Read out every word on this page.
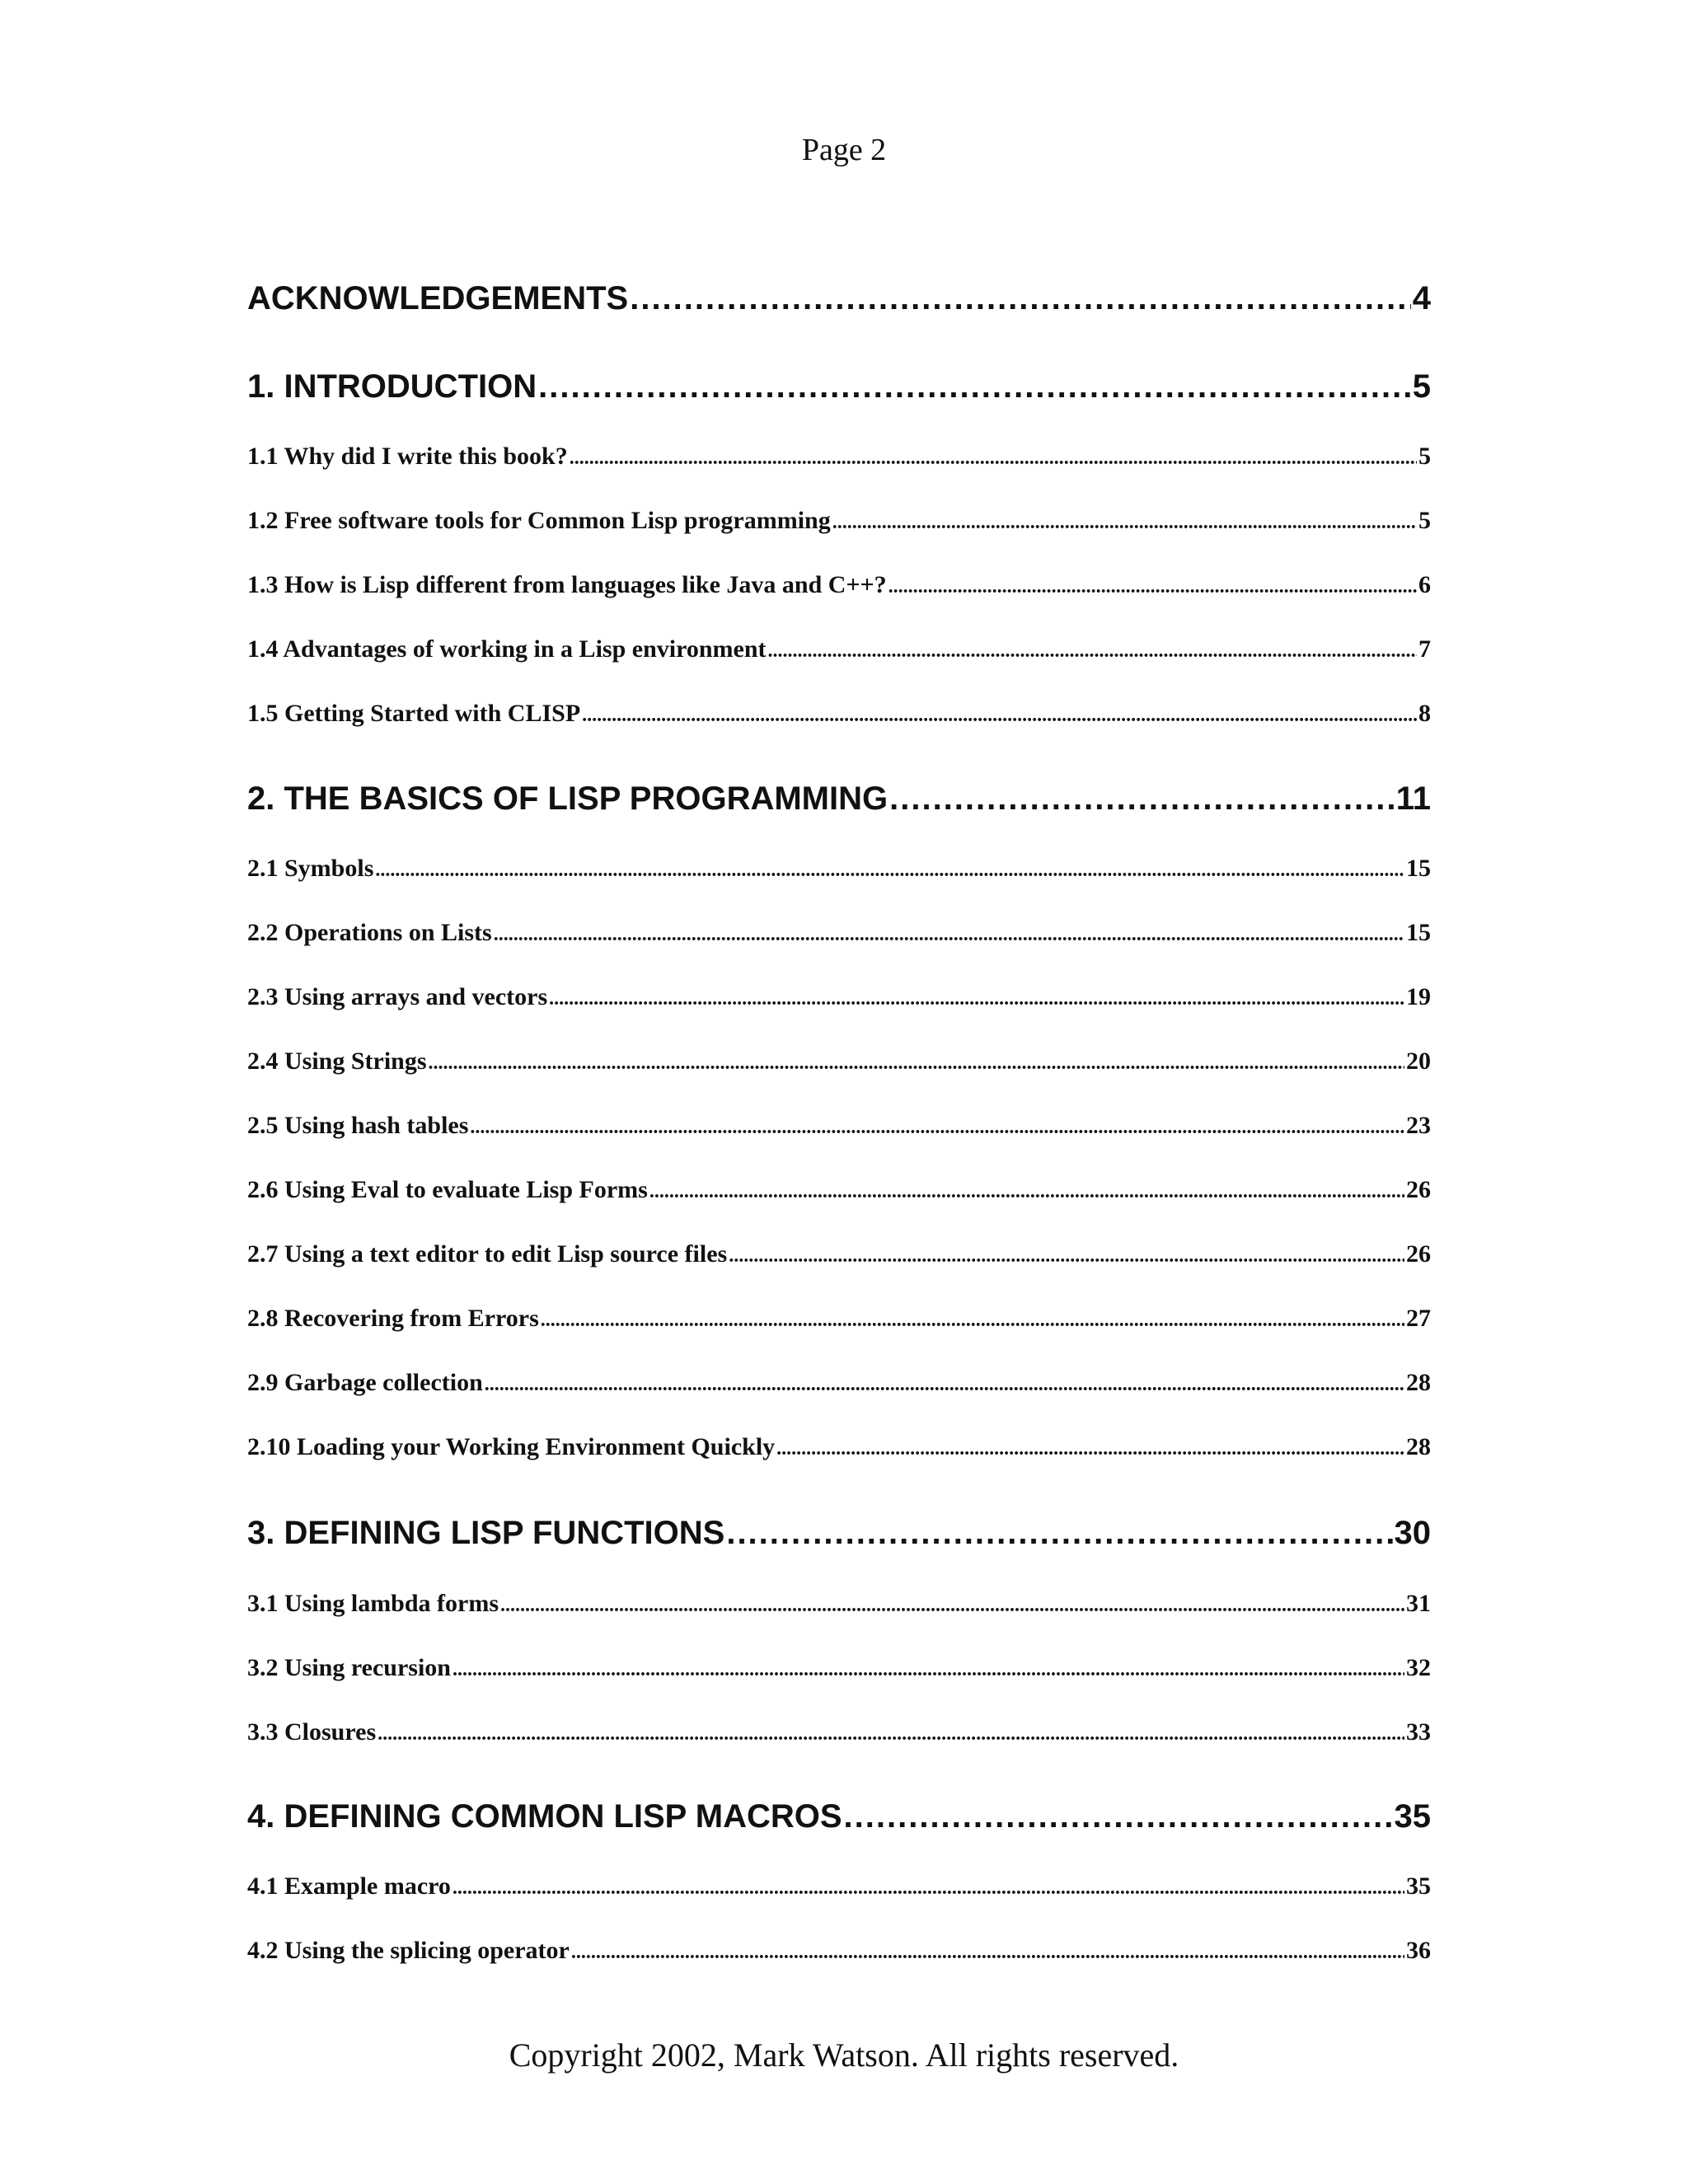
Page 2
ACKNOWLEDGEMENTS .....	4
1. INTRODUCTION .....	5
1.1 Why did I write this book? .....	5
1.2 Free software tools for Common Lisp programming .....	5
1.3 How is Lisp different from languages like Java and C++? .....	6
1.4 Advantages of working in a Lisp environment .....	7
1.5 Getting Started with CLISP .....	8
2. THE BASICS OF LISP PROGRAMMING .....	11
2.1 Symbols .....	15
2.2 Operations on Lists .....	15
2.3 Using arrays and vectors .....	19
2.4 Using Strings .....	20
2.5 Using hash tables .....	23
2.6 Using Eval to evaluate Lisp Forms .....	26
2.7 Using a text editor to edit Lisp source files .....	26
2.8 Recovering from Errors .....	27
2.9 Garbage collection .....	28
2.10 Loading your Working Environment Quickly .....	28
3. DEFINING LISP FUNCTIONS .....	30
3.1 Using lambda forms .....	31
3.2 Using recursion .....	32
3.3 Closures .....	33
4. DEFINING COMMON LISP MACROS .....	35
4.1 Example macro .....	35
4.2 Using the splicing operator .....	36
Copyright 2002, Mark Watson. All rights reserved.
